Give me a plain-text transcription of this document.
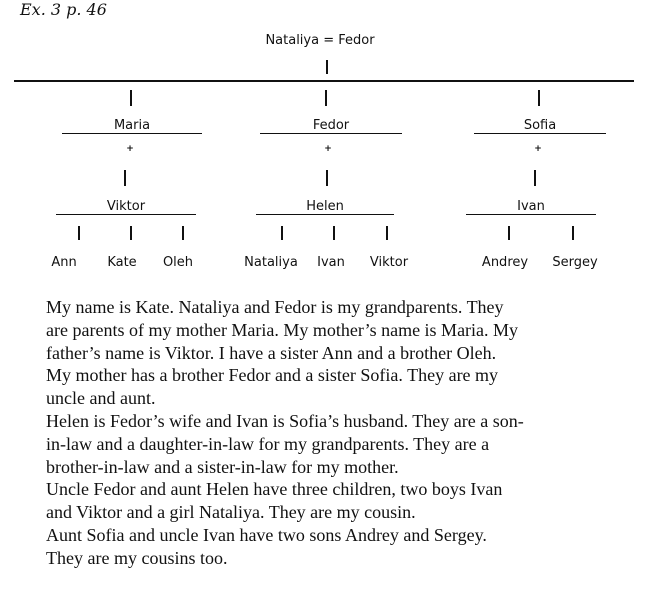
Ex. 3 p. 46
Nataliya = Fedor
Maria
+
Viktor
Ann Kate Oleh
Fedor
+
Helen
Nataliya Ivan Viktor
Sofia
+
Ivan
Andrey Sergey

My name is Kate. Nataliya and Fedor is my grandparents. They

are parents of my mother Maria. My mother’s name is Maria. My

father’s name is Viktor. I have a sister Ann and a brother Oleh.

My mother has a brother Fedor and a sister Sofia. They are my

uncle and aunt.

Helen is Fedor’s wife and Ivan is Sofia’s husband. They are a son-

in-law and a daughter-in-law for my grandparents. They are a

brother-in-law and a sister-in-law for my mother.

Uncle Fedor and aunt Helen have three children, two boys Ivan

and Viktor and a girl Nataliya. They are my cousin.

Aunt Sofia and uncle Ivan have two sons Andrey and Sergey.

They are my cousins too.
